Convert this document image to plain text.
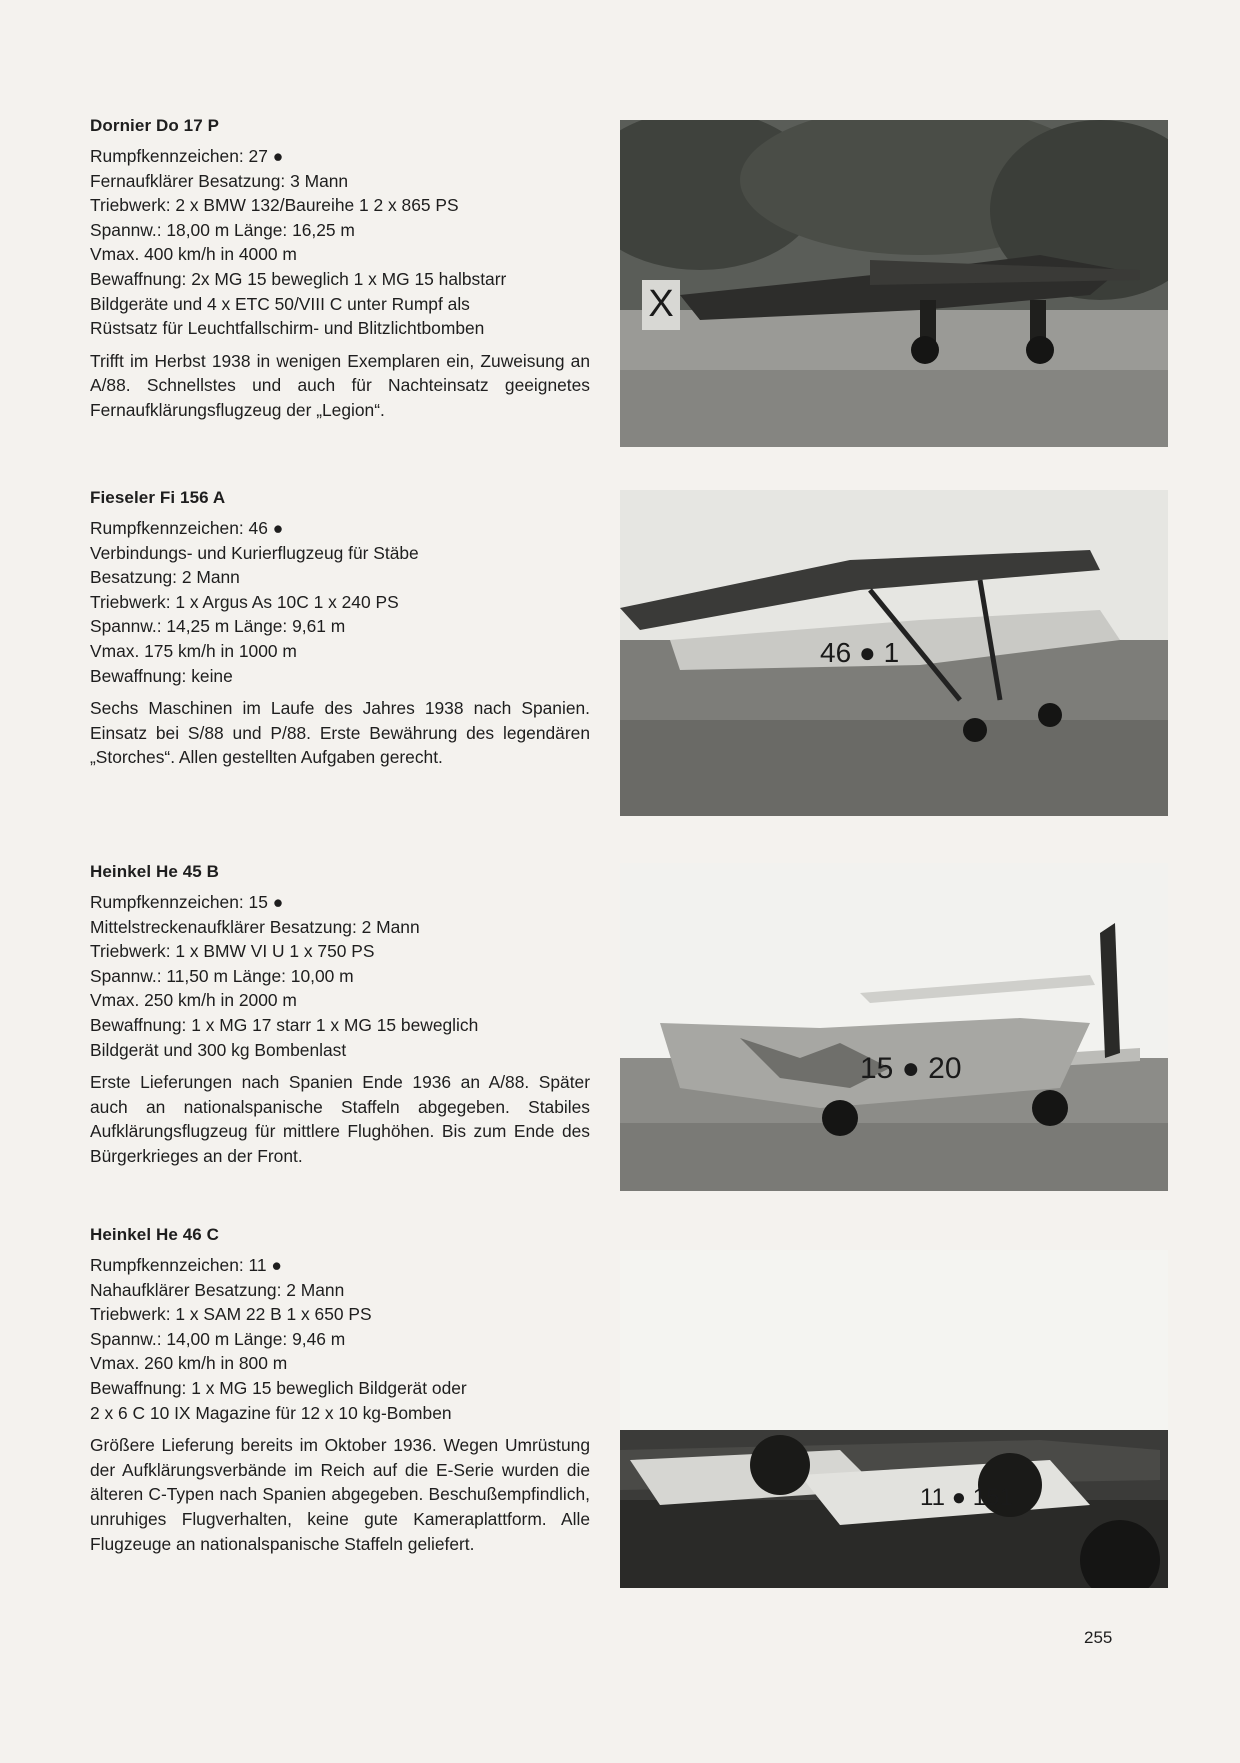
Dornier Do 17 P
Rumpfkennzeichen: 27 ●
Fernaufklärer Besatzung: 3 Mann
Triebwerk: 2 x BMW 132/Baureihe 1 2 x 865 PS
Spannw.: 18,00 m Länge: 16,25 m
Vmax. 400 km/h in 4000 m
Bewaffnung: 2x MG 15 beweglich 1 x MG 15 halbstarr
Bildgeräte und 4 x ETC 50/VIII C unter Rumpf als
Rüstsatz für Leuchtfallschirm- und Blitzlichtbomben

Trifft im Herbst 1938 in wenigen Exemplaren ein, Zuweisung an A/88. Schnellstes und auch für Nachteinsatz geeignetes Fernaufklärungsflugzeug der „Legion“.

Fieseler Fi 156 A
Rumpfkennzeichen: 46 ●
Verbindungs- und Kurierflugzeug für Stäbe
Besatzung: 2 Mann
Triebwerk: 1 x Argus As 10C 1 x 240 PS
Spannw.: 14,25 m Länge: 9,61 m
Vmax. 175 km/h in 1000 m
Bewaffnung: keine

Sechs Maschinen im Laufe des Jahres 1938 nach Spanien. Einsatz bei S/88 und P/88. Erste Bewährung des legendären „Storches“. Allen gestellten Aufgaben gerecht.

Heinkel He 45 B
Rumpfkennzeichen: 15 ●
Mittelstreckenaufklärer Besatzung: 2 Mann
Triebwerk: 1 x BMW VI U 1 x 750 PS
Spannw.: 11,50 m Länge: 10,00 m
Vmax. 250 km/h in 2000 m
Bewaffnung: 1 x MG 17 starr 1 x MG 15 beweglich
Bildgerät und 300 kg Bombenlast

Erste Lieferungen nach Spanien Ende 1936 an A/88. Später auch an nationalspanische Staffeln abgegeben. Stabiles Aufklärungsflugzeug für mittlere Flughöhen. Bis zum Ende des Bürgerkrieges an der Front.

Heinkel He 46 C
Rumpfkennzeichen: 11 ●
Nahaufklärer Besatzung: 2 Mann
Triebwerk: 1 x SAM 22 B 1 x 650 PS
Spannw.: 14,00 m Länge: 9,46 m
Vmax. 260 km/h in 800 m
Bewaffnung: 1 x MG 15 beweglich Bildgerät oder
2 x 6 C 10 IX Magazine für 12 x 10 kg-Bomben

Größere Lieferung bereits im Oktober 1936. Wegen Umrüstung der Aufklärungsverbände im Reich auf die E-Serie wurden die älteren C-Typen nach Spanien abgegeben. Beschußempfindlich, unruhiges Flugverhalten, keine gute Kameraplattform. Alle Flugzeuge an nationalspanische Staffeln geliefert.

X
46 ● 1
15 ● 20
11 ● 151
255
